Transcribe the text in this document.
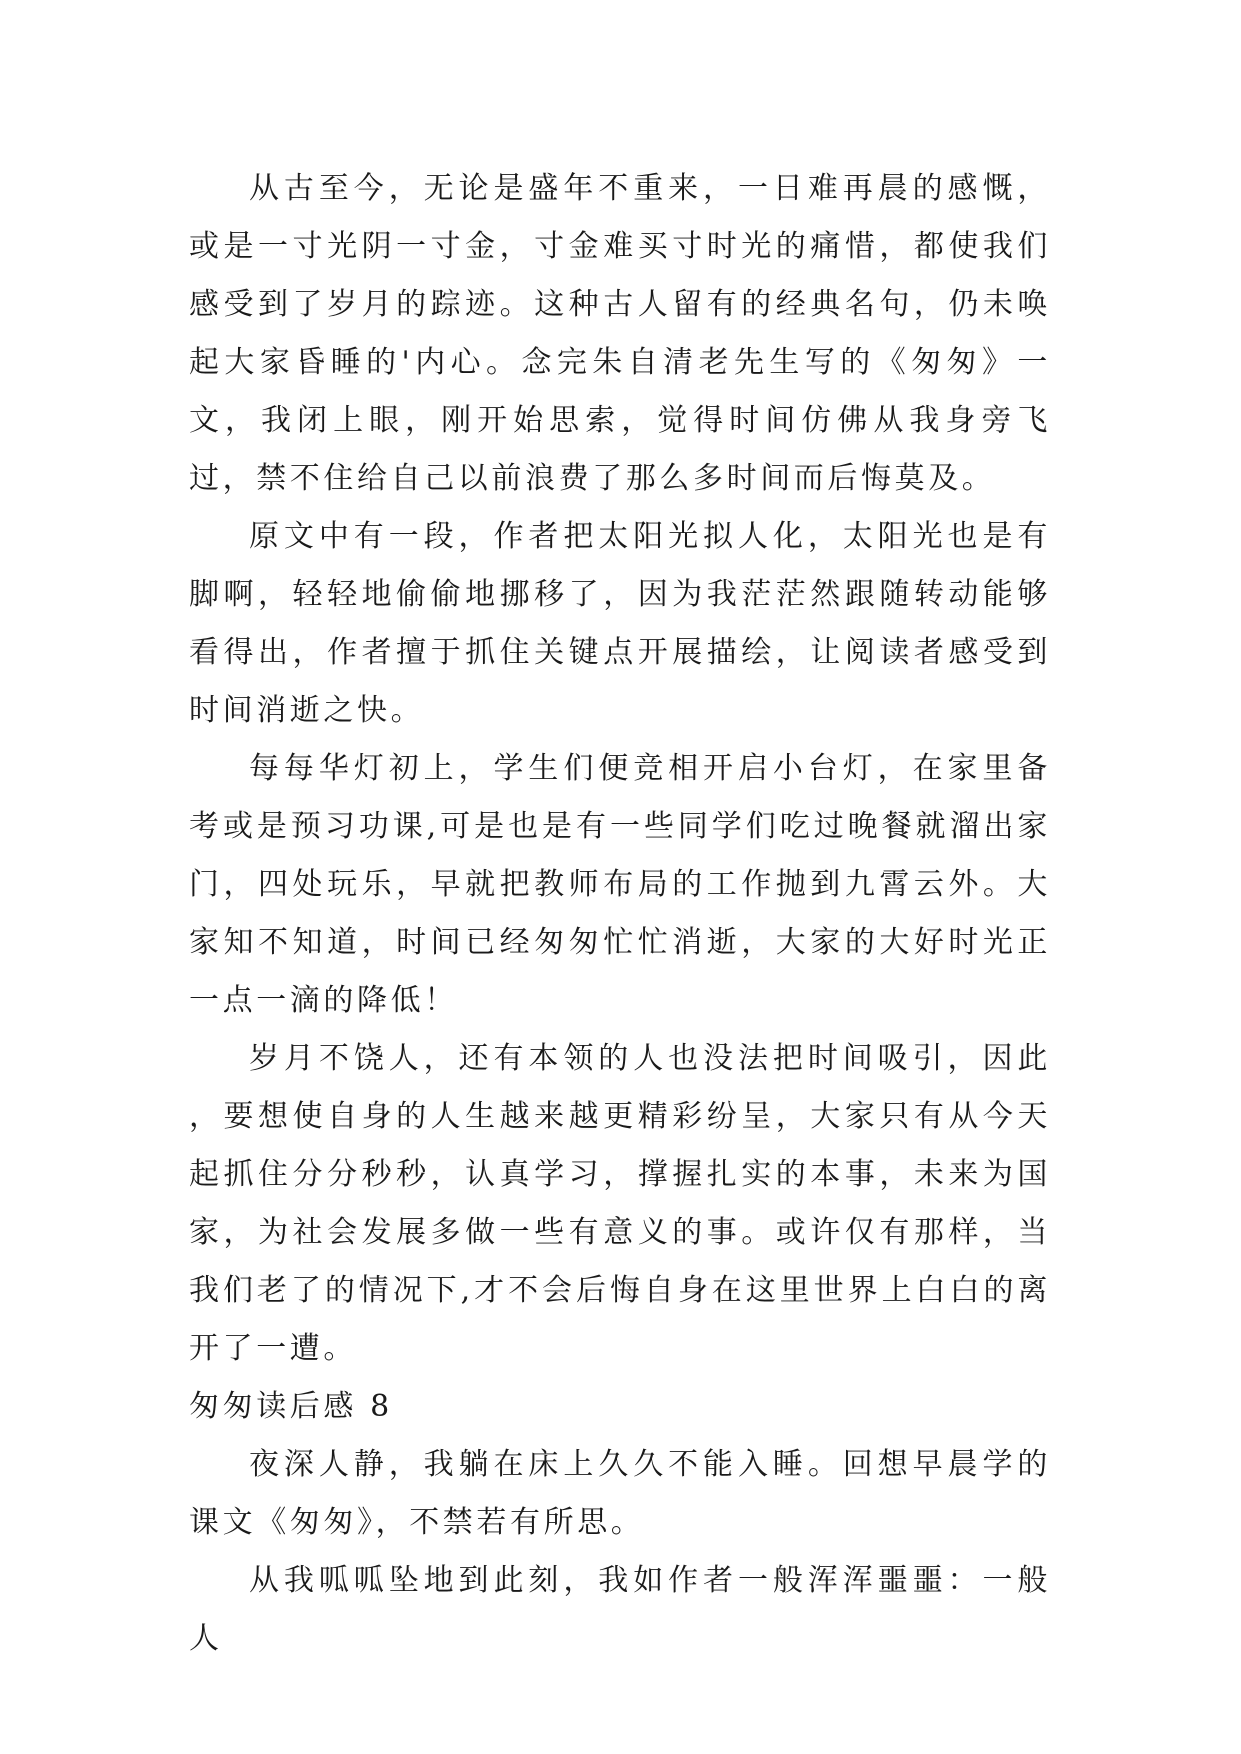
从古至今，无论是盛年不重来，一日难再晨的感慨，或是一寸光阴一寸金，寸金难买寸时光的痛惜，都使我们感受到了岁月的踪迹。这种古人留有的经典名句，仍未唤起大家昏睡的'内心。念完朱自清老先生写的《匆匆》一文，我闭上眼，刚开始思索，觉得时间仿佛从我身旁飞过，禁不住给自己以前浪费了那么多时间而后悔莫及。

原文中有一段，作者把太阳光拟人化，太阳光也是有脚啊，轻轻地偷偷地挪移了，因为我茫茫然跟随转动能够看得出，作者擅于抓住关键点开展描绘，让阅读者感受到时间消逝之快。

每每华灯初上，学生们便竞相开启小台灯，在家里备考或是预习功课,可是也是有一些同学们吃过晚餐就溜出家门，四处玩乐，早就把教师布局的工作抛到九霄云外。大家知不知道，时间已经匆匆忙忙消逝，大家的大好时光正一点一滴的降低！

岁月不饶人，还有本领的人也没法把时间吸引，因此 ，要想使自身的人生越来越更精彩纷呈，大家只有从今天起抓住分分秒秒，认真学习，撑握扎实的本事，未来为国家，为社会发展多做一些有意义的事。或许仅有那样，当我们老了的情况下,才不会后悔自身在这里世界上白白的离开了一遭。

匆匆读后感 8

夜深人静，我躺在床上久久不能入睡。回想早晨学的课文《匆匆》，不禁若有所思。

从我呱呱坠地到此刻，我如作者一般浑浑噩噩：一般人
